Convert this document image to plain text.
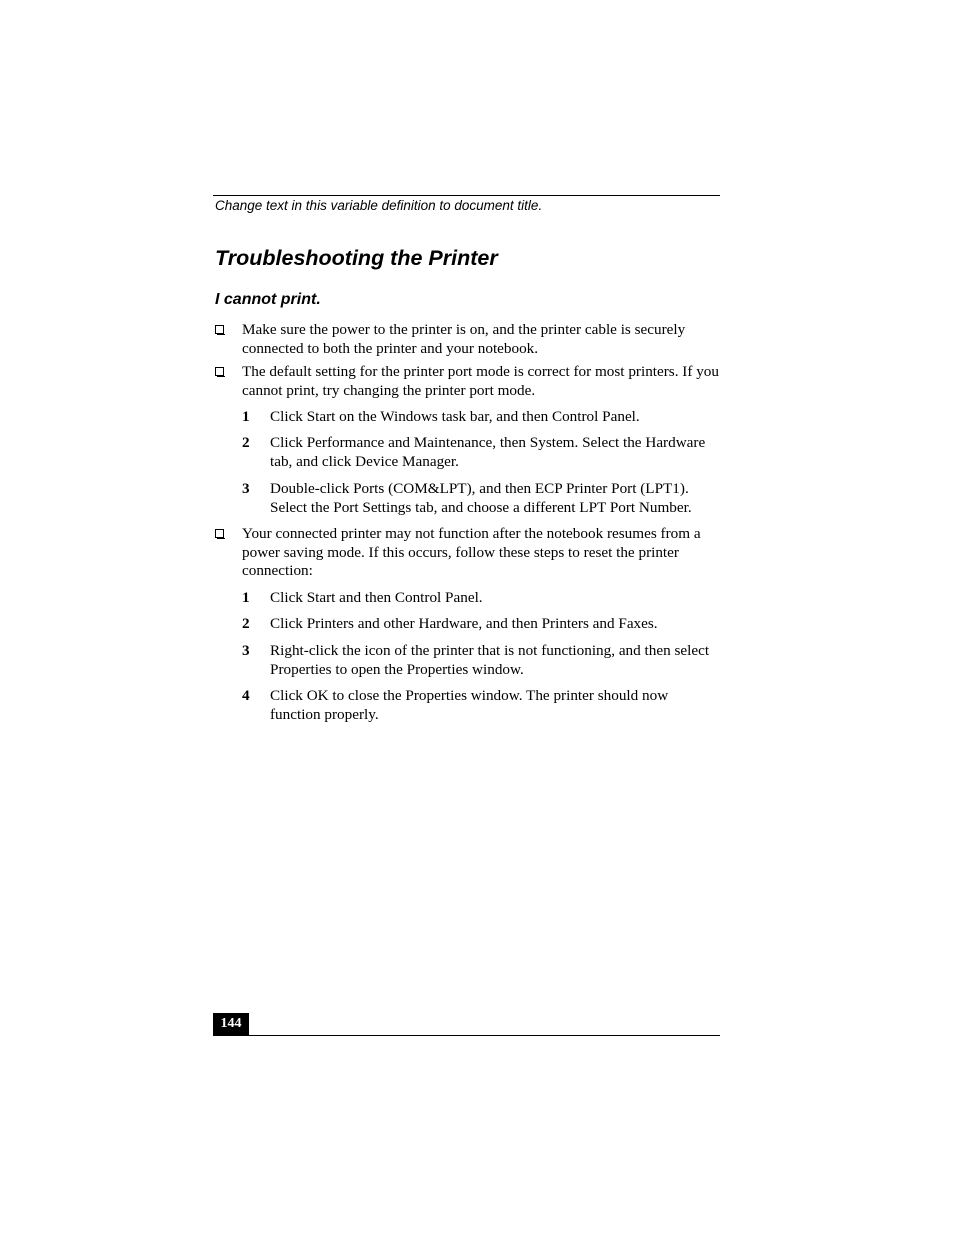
Change text in this variable definition to document title.
Troubleshooting the Printer
I cannot print.

Make sure the power to the printer is on, and the printer cable is securely connected to both the printer and your notebook.

The default setting for the printer port mode is correct for most printers. If you cannot print, try changing the printer port mode.

1 Click Start on the Windows task bar, and then Control Panel.

2 Click Performance and Maintenance, then System. Select the Hardware tab, and click Device Manager.

3 Double-click Ports (COM&LPT), and then ECP Printer Port (LPT1). Select the Port Settings tab, and choose a different LPT Port Number.

Your connected printer may not function after the notebook resumes from a power saving mode. If this occurs, follow these steps to reset the printer connection:

1 Click Start and then Control Panel.

2 Click Printers and other Hardware, and then Printers and Faxes.

3 Right-click the icon of the printer that is not functioning, and then select Properties to open the Properties window.

4 Click OK to close the Properties window. The printer should now function properly.

144
